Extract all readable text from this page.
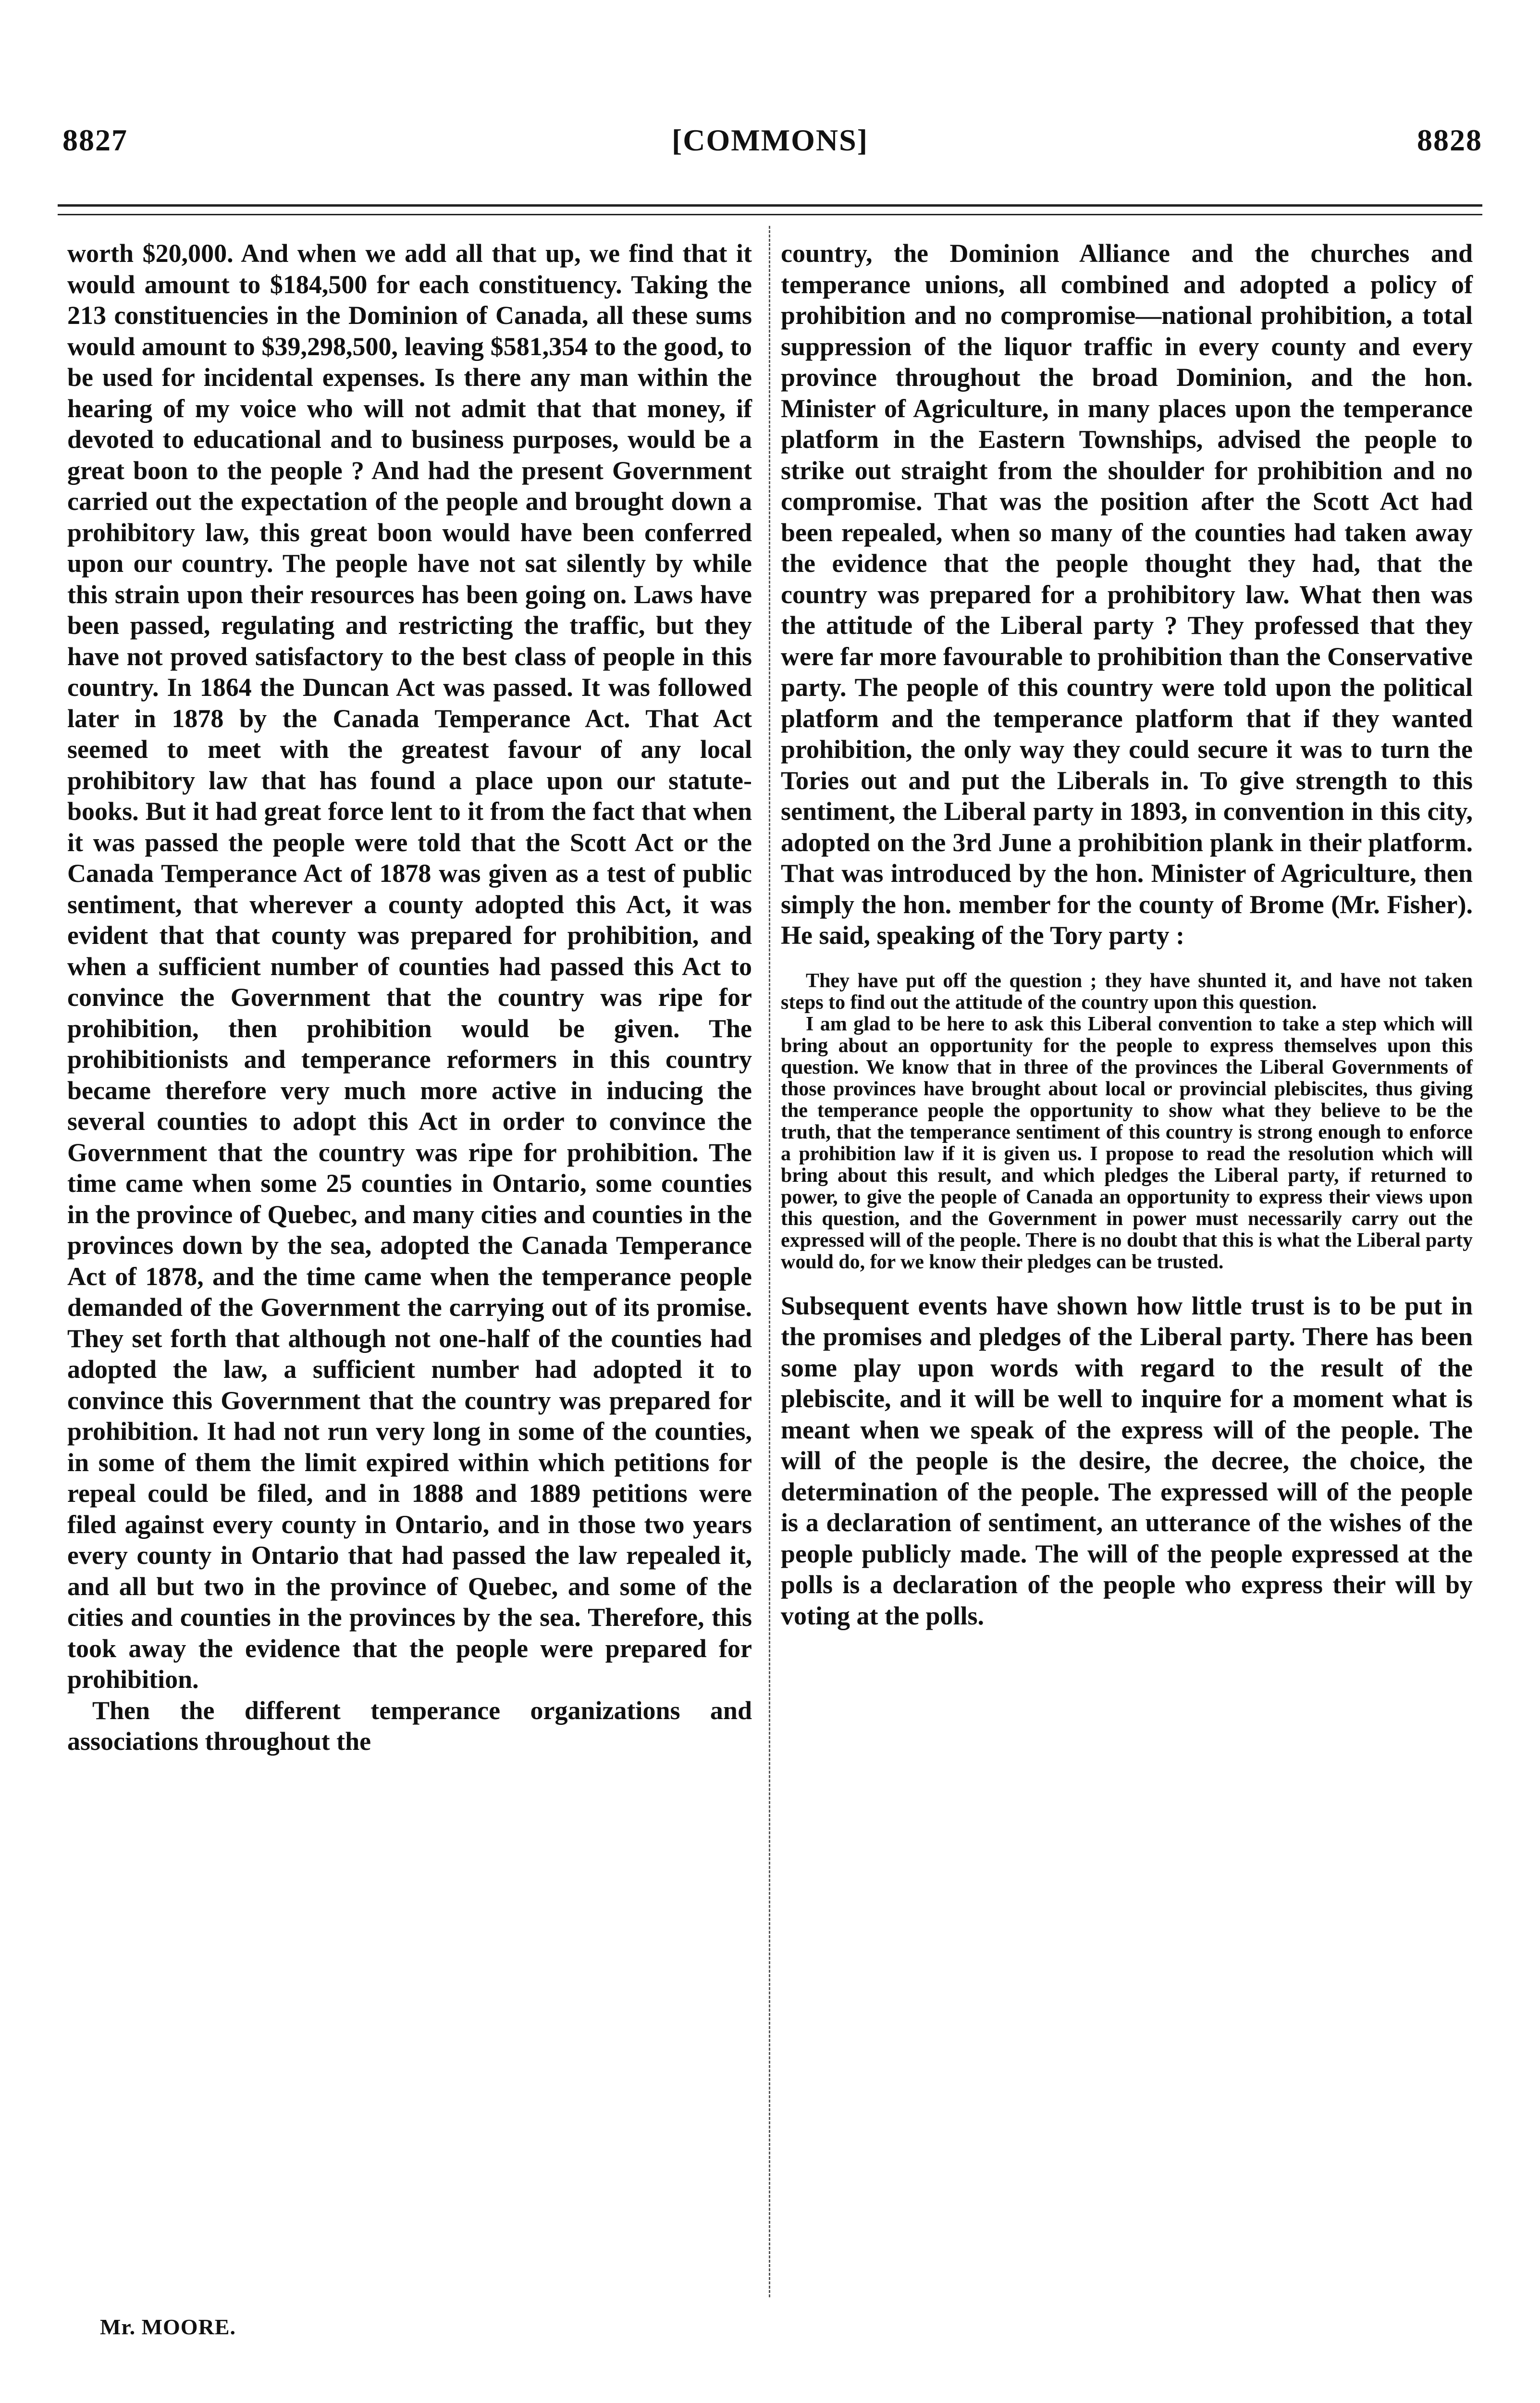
8827	[COMMONS]	8828

worth $20,000. And when we add all that up, we find that it would amount to $184,500 for each constituency. Taking the 213 constituencies in the Dominion of Canada, all these sums would amount to $39,298,500, leaving $581,354 to the good, to be used for incidental expenses. Is there any man within the hearing of my voice who will not admit that that money, if devoted to educational and to business purposes, would be a great boon to the people ? And had the present Government carried out the expectation of the people and brought down a prohibitory law, this great boon would have been conferred upon our country. The people have not sat silently by while this strain upon their resources has been going on. Laws have been passed, regulating and restricting the traffic, but they have not proved satisfactory to the best class of people in this country. In 1864 the Duncan Act was passed. It was followed later in 1878 by the Canada Temperance Act. That Act seemed to meet with the greatest favour of any local prohibitory law that has found a place upon our statute-books. But it had great force lent to it from the fact that when it was passed the people were told that the Scott Act or the Canada Temperance Act of 1878 was given as a test of public sentiment, that wherever a county adopted this Act, it was evident that that county was prepared for prohibition, and when a sufficient number of counties had passed this Act to convince the Government that the country was ripe for prohibition, then prohibition would be given. The prohibitionists and temperance reformers in this country became therefore very much more active in inducing the several counties to adopt this Act in order to convince the Government that the country was ripe for prohibition. The time came when some 25 counties in Ontario, some counties in the province of Quebec, and many cities and counties in the provinces down by the sea, adopted the Canada Temperance Act of 1878, and the time came when the temperance people demanded of the Government the carrying out of its promise. They set forth that although not one-half of the counties had adopted the law, a sufficient number had adopted it to convince this Government that the country was prepared for prohibition. It had not run very long in some of the counties, in some of them the limit expired within which petitions for repeal could be filed, and in 1888 and 1889 petitions were filed against every county in Ontario, and in those two years every county in Ontario that had passed the law repealed it, and all but two in the province of Quebec, and some of the cities and counties in the provinces by the sea. Therefore, this took away the evidence that the people were prepared for prohibition.

Then the different temperance organizations and associations throughout the

country, the Dominion Alliance and the churches and temperance unions, all combined and adopted a policy of prohibition and no compromise—national prohibition, a total suppression of the liquor traffic in every county and every province throughout the broad Dominion, and the hon. Minister of Agriculture, in many places upon the temperance platform in the Eastern Townships, advised the people to strike out straight from the shoulder for prohibition and no compromise. That was the position after the Scott Act had been repealed, when so many of the counties had taken away the evidence that the people thought they had, that the country was prepared for a prohibitory law. What then was the attitude of the Liberal party ? They professed that they were far more favourable to prohibition than the Conservative party. The people of this country were told upon the political platform and the temperance platform that if they wanted prohibition, the only way they could secure it was to turn the Tories out and put the Liberals in. To give strength to this sentiment, the Liberal party in 1893, in convention in this city, adopted on the 3rd June a prohibition plank in their platform. That was introduced by the hon. Minister of Agriculture, then simply the hon. member for the county of Brome (Mr. Fisher). He said, speaking of the Tory party :

They have put off the question ; they have shunted it, and have not taken steps to find out the attitude of the country upon this question.

I am glad to be here to ask this Liberal convention to take a step which will bring about an opportunity for the people to express themselves upon this question. We know that in three of the provinces the Liberal Governments of those provinces have brought about local or provincial plebiscites, thus giving the temperance people the opportunity to show what they believe to be the truth, that the temperance sentiment of this country is strong enough to enforce a prohibition law if it is given us. I propose to read the resolution which will bring about this result, and which pledges the Liberal party, if returned to power, to give the people of Canada an opportunity to express their views upon this question, and the Government in power must necessarily carry out the expressed will of the people. There is no doubt that this is what the Liberal party would do, for we know their pledges can be trusted.

Subsequent events have shown how little trust is to be put in the promises and pledges of the Liberal party. There has been some play upon words with regard to the result of the plebiscite, and it will be well to inquire for a moment what is meant when we speak of the express will of the people. The will of the people is the desire, the decree, the choice, the determination of the people. The expressed will of the people is a declaration of sentiment, an utterance of the wishes of the people publicly made. The will of the people expressed at the polls is a declaration of the people who express their will by voting at the polls.

Mr. MOORE.
